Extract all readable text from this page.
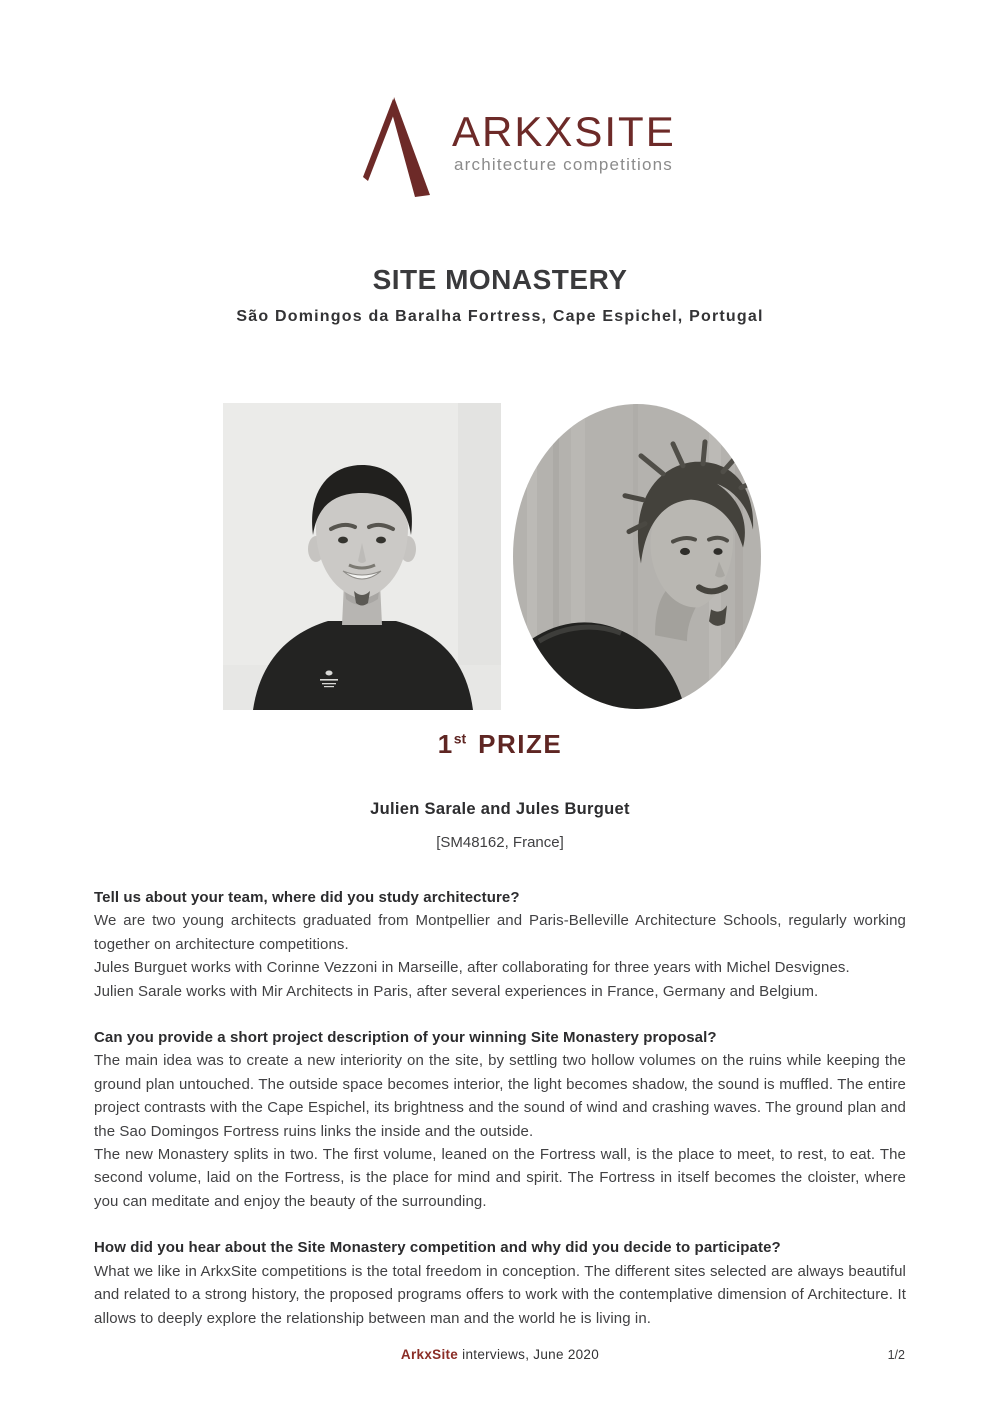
ARKXSITE
architecture competitions
SITE MONASTERY
São Domingos da Baralha Fortress, Cape Espichel, Portugal
1st PRIZE
Julien Sarale and Jules Burguet
[SM48162, France]

Tell us about your team, where did you study architecture?

We are two young architects graduated from Montpellier and Paris-Belleville Architecture Schools, regularly working together on architecture competitions.

Jules Burguet works with Corinne Vezzoni in Marseille, after collaborating for three years with Michel Desvignes.

Julien Sarale works with Mir Architects in Paris, after several experiences in France, Germany and Belgium.

Can you provide a short project description of your winning Site Monastery proposal?

The main idea was to create a new interiority on the site, by settling two hollow volumes on the ruins while keeping the ground plan untouched. The outside space becomes interior, the light becomes shadow, the sound is muffled. The entire project contrasts with the Cape Espichel, its brightness and the sound of wind and crashing waves. The ground plan and the Sao Domingos Fortress ruins links the inside and the outside.

The new Monastery splits in two. The first volume, leaned on the Fortress wall, is the place to meet, to rest, to eat. The second volume, laid on the Fortress, is the place for mind and spirit. The Fortress in itself becomes the cloister, where you can meditate and enjoy the beauty of the surrounding.

How did you hear about the Site Monastery competition and why did you decide to participate?

What we like in ArkxSite competitions is the total freedom in conception. The different sites selected are always beautiful and related to a strong history, the proposed programs offers to work with the contemplative dimension of Architecture. It allows to deeply explore the relationship between man and the world he is living in.

ArkxSite interviews, June 2020	1/2
